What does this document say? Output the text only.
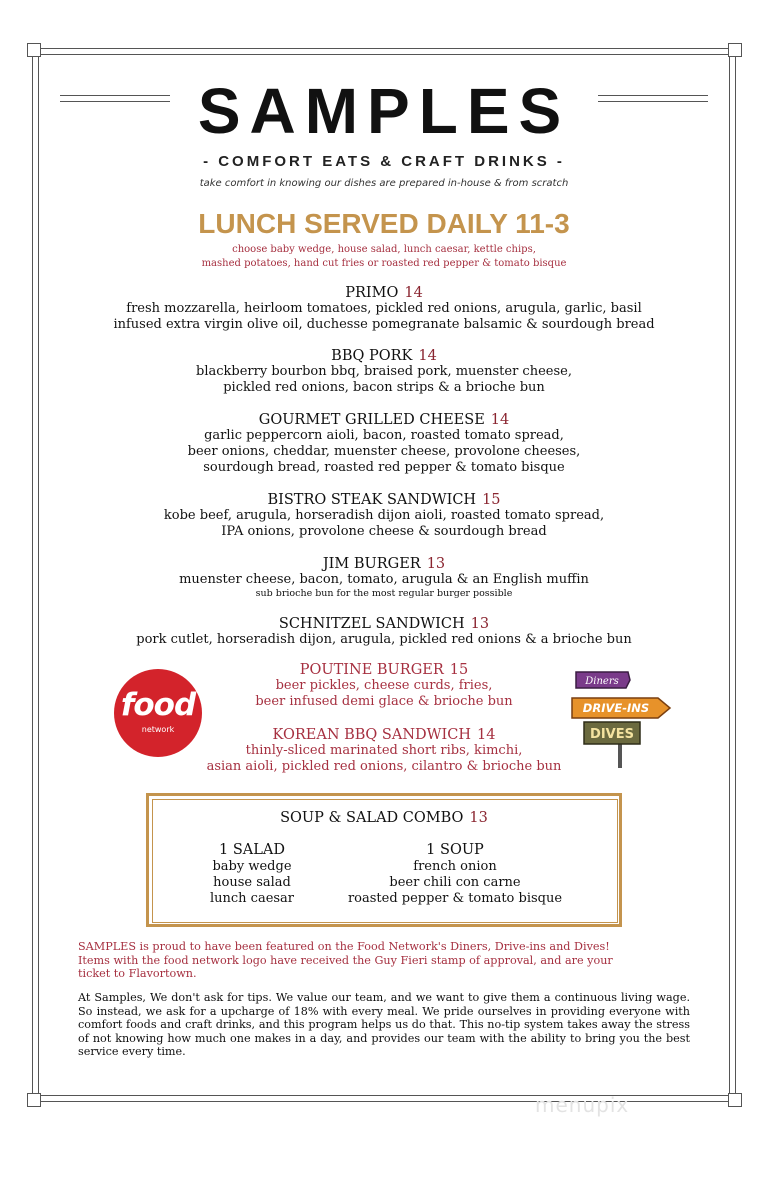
SAMPLES
- COMFORT EATS & CRAFT DRINKS -
take comfort in knowing our dishes are prepared in-house & from scratch
LUNCH SERVED DAILY 11-3
choose baby wedge, house salad, lunch caesar, kettle chips,
mashed potatoes, hand cut fries or roasted red pepper & tomato bisque
PRIMO 14
fresh mozzarella, heirloom tomatoes, pickled red onions, arugula, garlic, basil
infused extra virgin olive oil, duchesse pomegranate balsamic & sourdough bread
BBQ PORK 14
blackberry bourbon bbq, braised pork, muenster cheese,
pickled red onions, bacon strips & a brioche bun
GOURMET GRILLED CHEESE 14
garlic peppercorn aioli, bacon, roasted tomato spread,
beer onions, cheddar, muenster cheese, provolone cheeses,
sourdough bread, roasted red pepper & tomato bisque
BISTRO STEAK SANDWICH 15
kobe beef, arugula, horseradish dijon aioli, roasted tomato spread,
IPA onions, provolone cheese & sourdough bread
JIM BURGER 13
muenster cheese, bacon, tomato, arugula & an English muffin
sub brioche bun for the most regular burger possible
SCHNITZEL SANDWICH 13
pork cutlet, horseradish dijon, arugula, pickled red onions & a brioche bun
POUTINE BURGER 15
beer pickles, cheese curds, fries,
beer infused demi glace & brioche bun
KOREAN BBQ SANDWICH 14
thinly-sliced marinated short ribs, kimchi,
asian aioli, pickled red onions, cilantro & brioche bun
food
network
Diners
DRIVE-INS
DIVES
SOUP & SALAD COMBO 13
1 SALAD
baby wedge
house salad
lunch caesar
1 SOUP
french onion
beer chili con carne
roasted pepper & tomato bisque
SAMPLES is proud to have been featured on the Food Network's Diners, Drive-ins and Dives!
Items with the food network logo have received the Guy Fieri stamp of approval, and are your
ticket to Flavortown.
At Samples, We don't ask for tips. We value our team, and we want to give them a continuous living wage. So instead, we ask for a upcharge of 18% with every meal. We pride ourselves in providing everyone with comfort foods and craft drinks, and this program helps us do that. This no-tip system takes away the stress of not knowing how much one makes in a day, and provides our team with the ability to bring you the best service every time.
menupix
